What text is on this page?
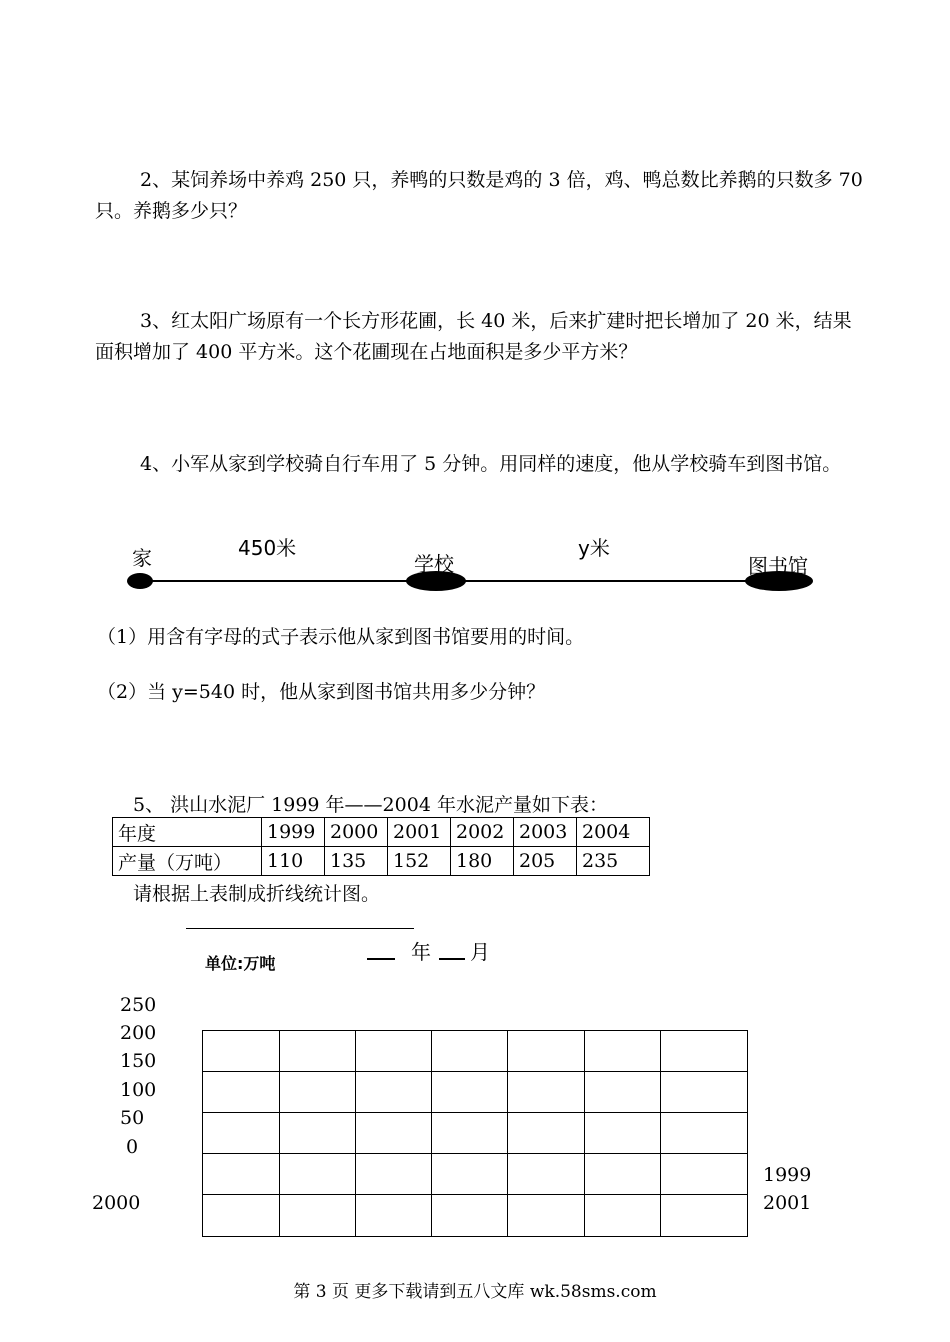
2、某饲养场中养鸡 250 只，养鸭的只数是鸡的 3 倍，鸡、鸭总数比养鹅的只数多 70 只。养鹅多少只？
3、红太阳广场原有一个长方形花圃，长 40 米，后来扩建时把长增加了 20 米，结果面积增加了 400 平方米。这个花圃现在占地面积是多少平方米？
4、小军从家到学校骑自行车用了 5 分钟。用同样的速度，他从学校骑车到图书馆。
家	450米
学校
y米
图书馆
（1）用含有字母的式子表示他从家到图书馆要用的时间。
（2）当 y=540 时，他从家到图书馆共用多少分钟？
5、 洪山水泥厂 1999 年——2004 年水泥产量如下表：
年度	1999	2000	2001	2002	2003	2004
产量（万吨）	110	135	152	180	205	235
请根据上表制成折线统计图。
单位:万吨	年 月
250
200
150
100
50
0
2000
1999
2001
第 3 页 更多下载请到五八文库 wk.58sms.com
